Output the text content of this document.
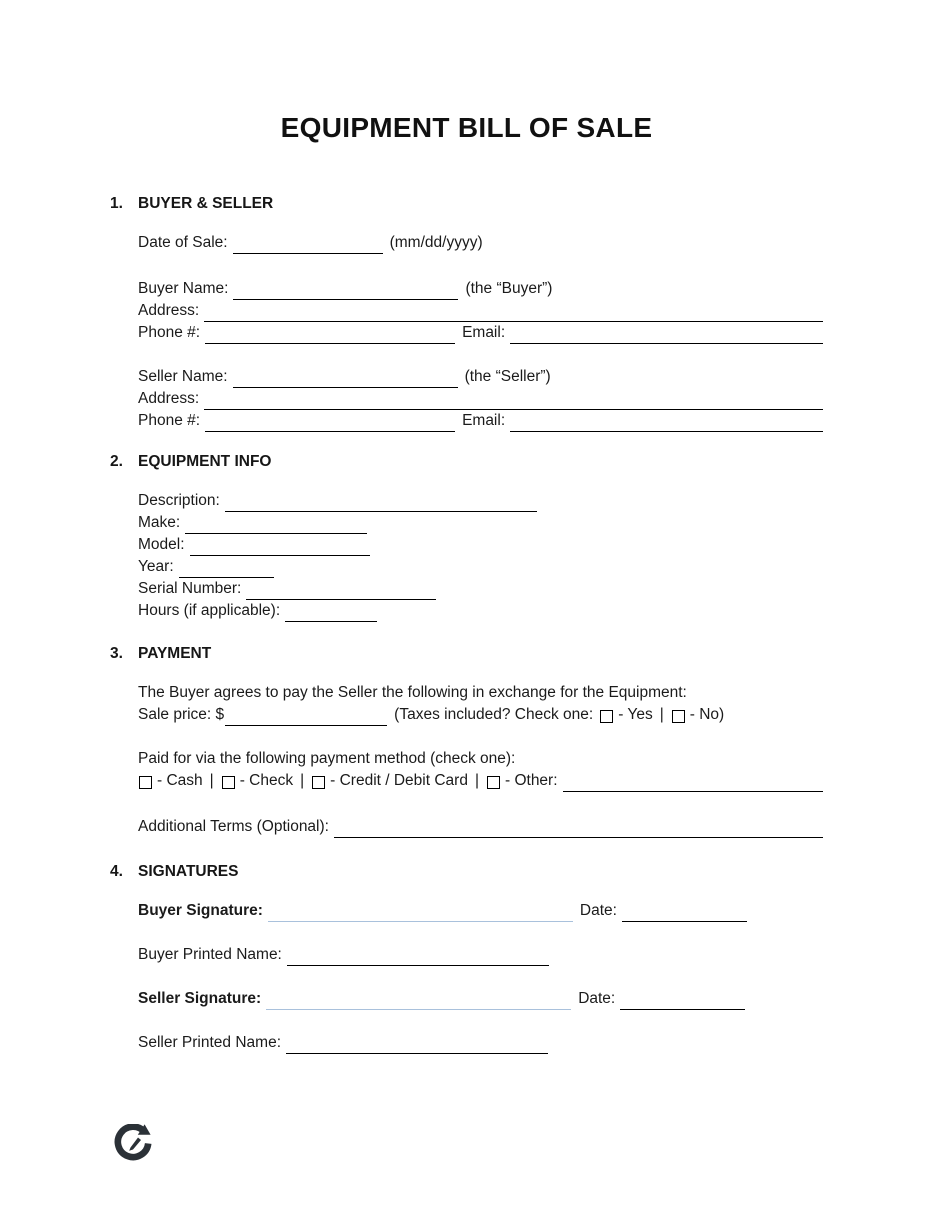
EQUIPMENT BILL OF SALE
1. BUYER & SELLER
Date of Sale:	(mm/dd/yyyy)
Buyer Name:	(the “Buyer”)
Address:
Phone #:	Email:
Seller Name:	(the “Seller”)
Address:
Phone #:	Email:
2. EQUIPMENT INFO
Description:
Make:
Model:
Year:
Serial Number:
Hours (if applicable):
3. PAYMENT
The Buyer agrees to pay the Seller the following in exchange for the Equipment:
Sale price: $	(Taxes included? Check one: - Yes | - No)
Paid for via the following payment method (check one):
- Cash | - Check | - Credit / Debit Card | - Other:
Additional Terms (Optional):
4. SIGNATURES
Buyer Signature:	Date:
Buyer Printed Name:
Seller Signature:	Date:
Seller Printed Name:
